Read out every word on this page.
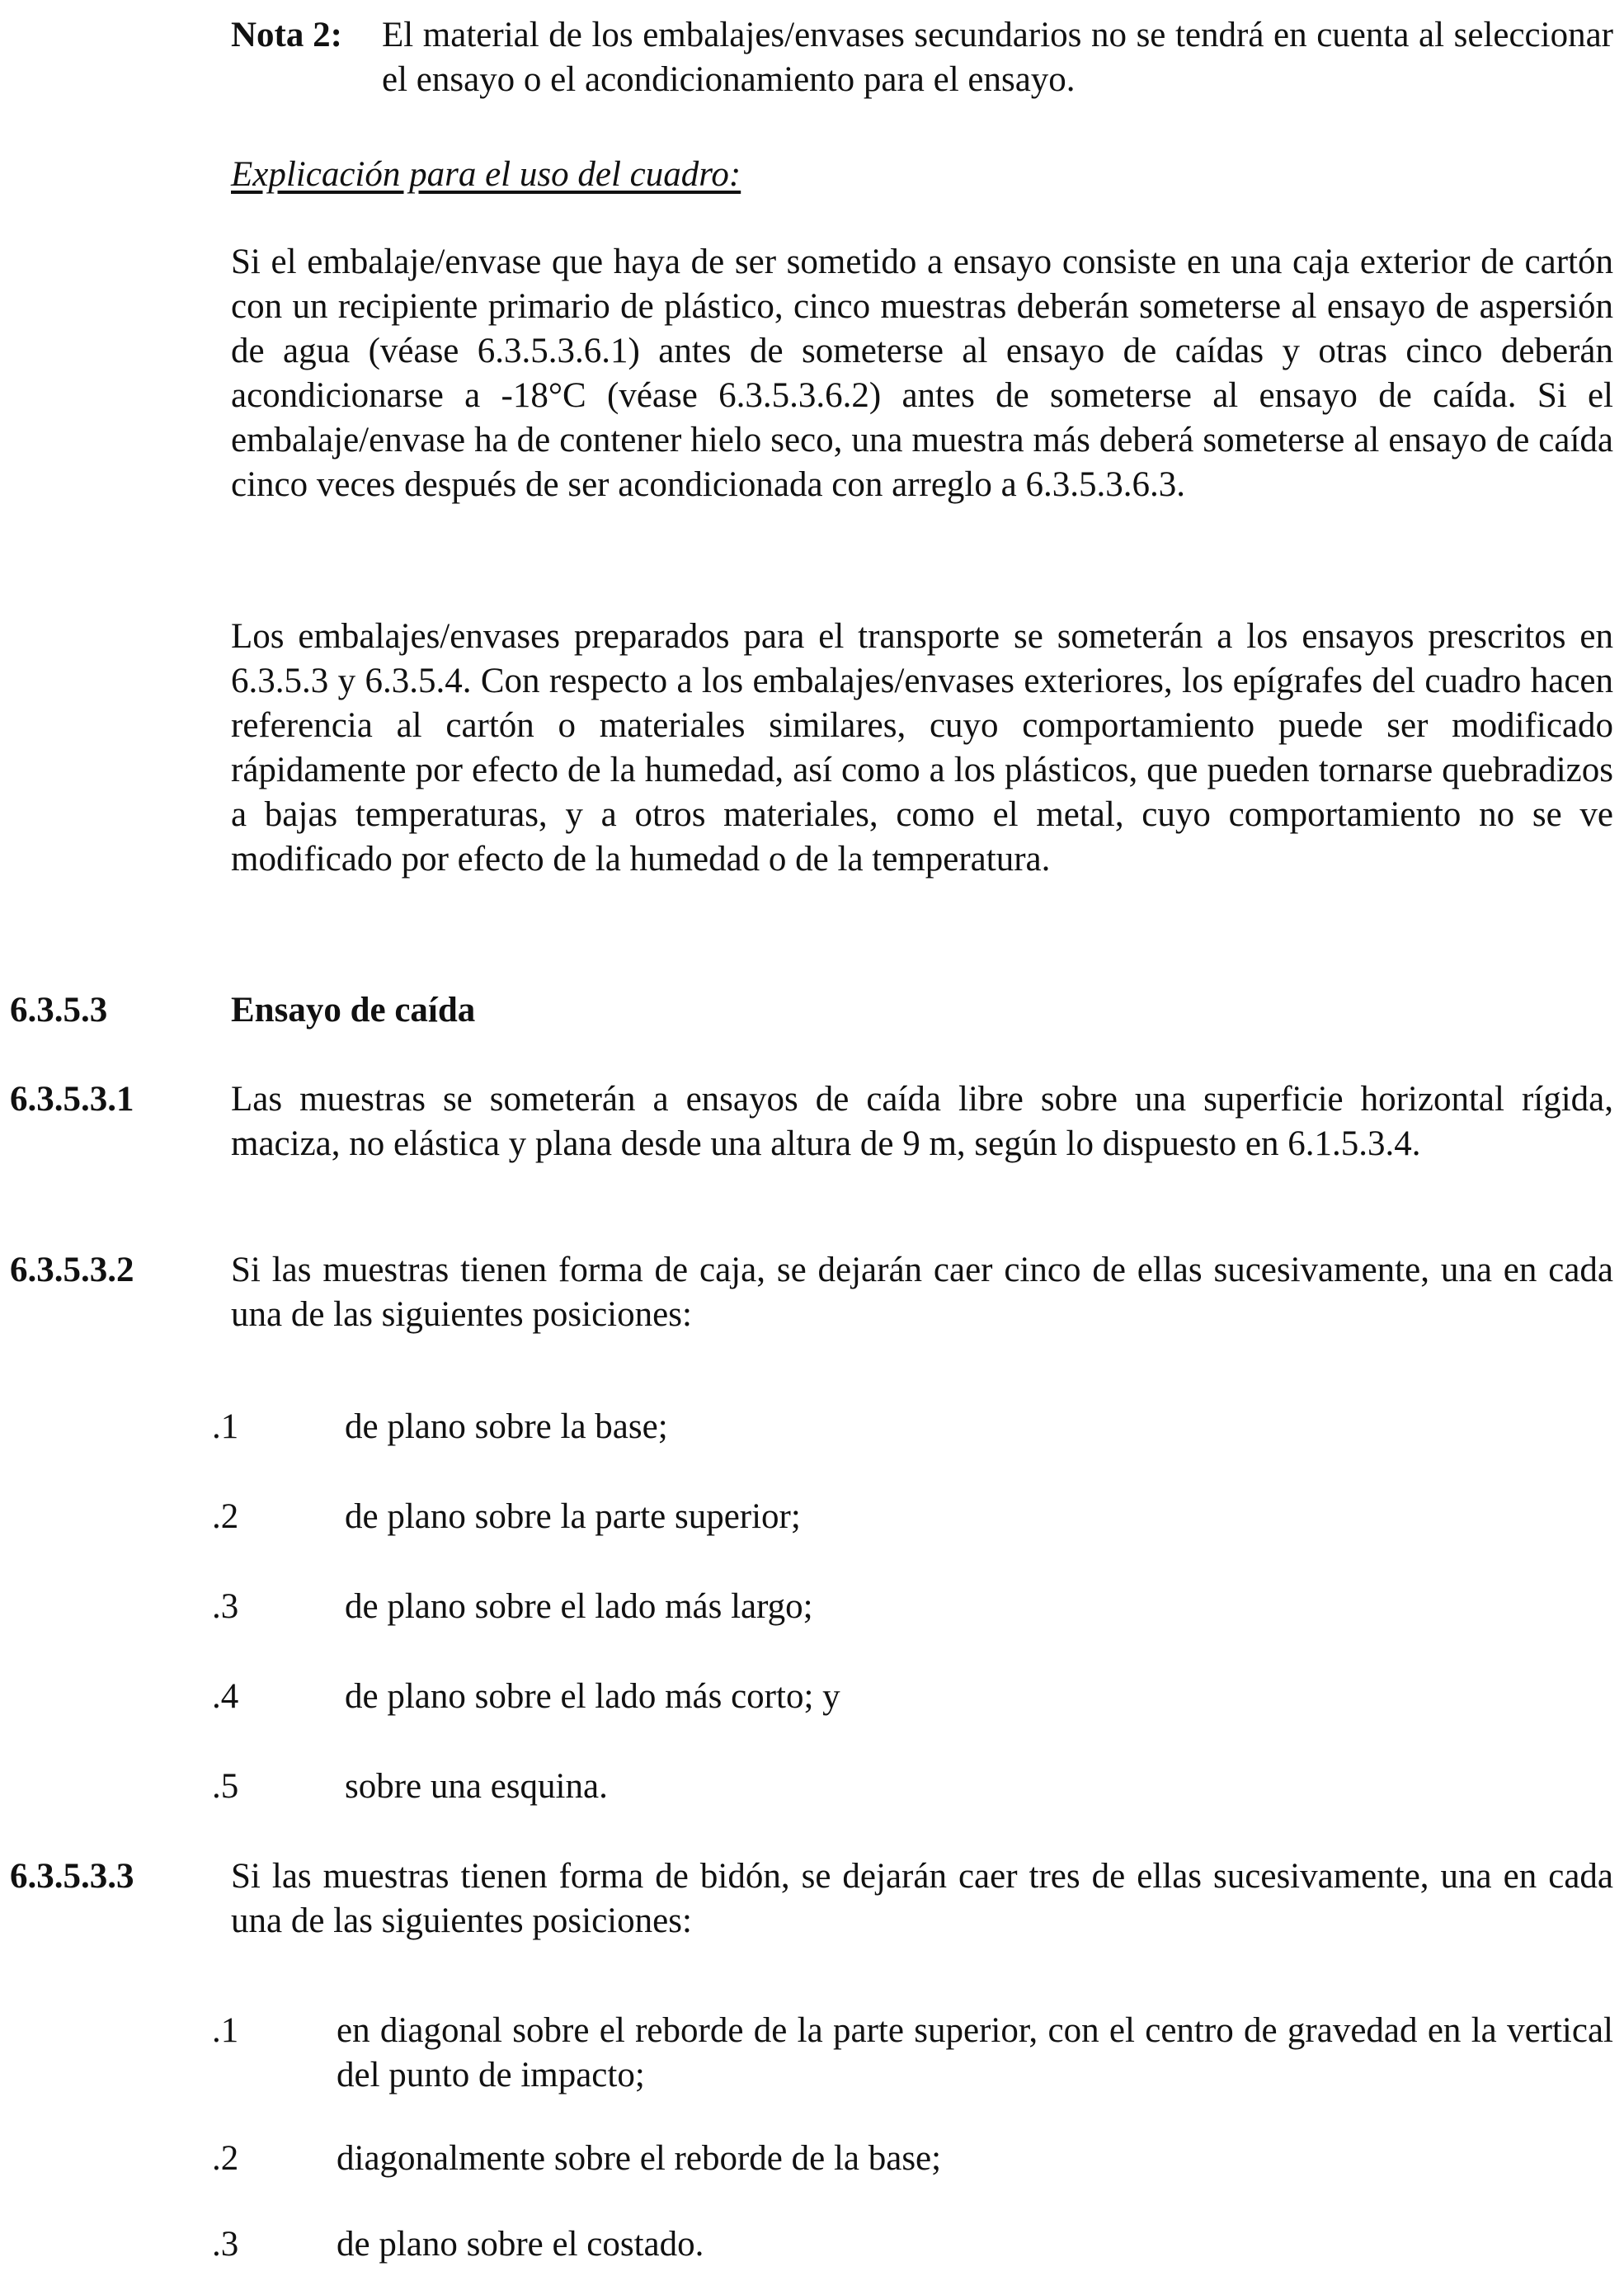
Nota 2: El material de los embalajes/envases secundarios no se tendrá en cuenta al seleccionar el ensayo o el acondicionamiento para el ensayo.
Explicación para el uso del cuadro:
Si el embalaje/envase que haya de ser sometido a ensayo consiste en una caja exterior de cartón con un recipiente primario de plástico, cinco muestras deberán someterse al ensayo de aspersión de agua (véase 6.3.5.3.6.1) antes de someterse al ensayo de caídas y otras cinco deberán acondicionarse a -18°C (véase 6.3.5.3.6.2) antes de someterse al ensayo de caída. Si el embalaje/envase ha de contener hielo seco, una muestra más deberá someterse al ensayo de caída cinco veces después de ser acondicionada con arreglo a 6.3.5.3.6.3.
Los embalajes/envases preparados para el transporte se someterán a los ensayos prescritos en 6.3.5.3 y 6.3.5.4. Con respecto a los embalajes/envases exteriores, los epígrafes del cuadro hacen referencia al cartón o materiales similares, cuyo comportamiento puede ser modificado rápidamente por efecto de la humedad, así como a los plásticos, que pueden tornarse quebradizos a bajas temperaturas, y a otros materiales, como el metal, cuyo comportamiento no se ve modificado por efecto de la humedad o de la temperatura.
6.3.5.3	Ensayo de caída
6.3.5.3.1	Las muestras se someterán a ensayos de caída libre sobre una superficie horizontal rígida, maciza, no elástica y plana desde una altura de 9 m, según lo dispuesto en 6.1.5.3.4.
6.3.5.3.2	Si las muestras tienen forma de caja, se dejarán caer cinco de ellas sucesivamente, una en cada una de las siguientes posiciones:
.1	de plano sobre la base;
.2	de plano sobre la parte superior;
.3	de plano sobre el lado más largo;
.4	de plano sobre el lado más corto; y
.5	sobre una esquina.
6.3.5.3.3	Si las muestras tienen forma de bidón, se dejarán caer tres de ellas sucesivamente, una en cada una de las siguientes posiciones:
.1	en diagonal sobre el reborde de la parte superior, con el centro de gravedad en la vertical del punto de impacto;
.2	diagonalmente sobre el reborde de la base;
.3	de plano sobre el costado.
